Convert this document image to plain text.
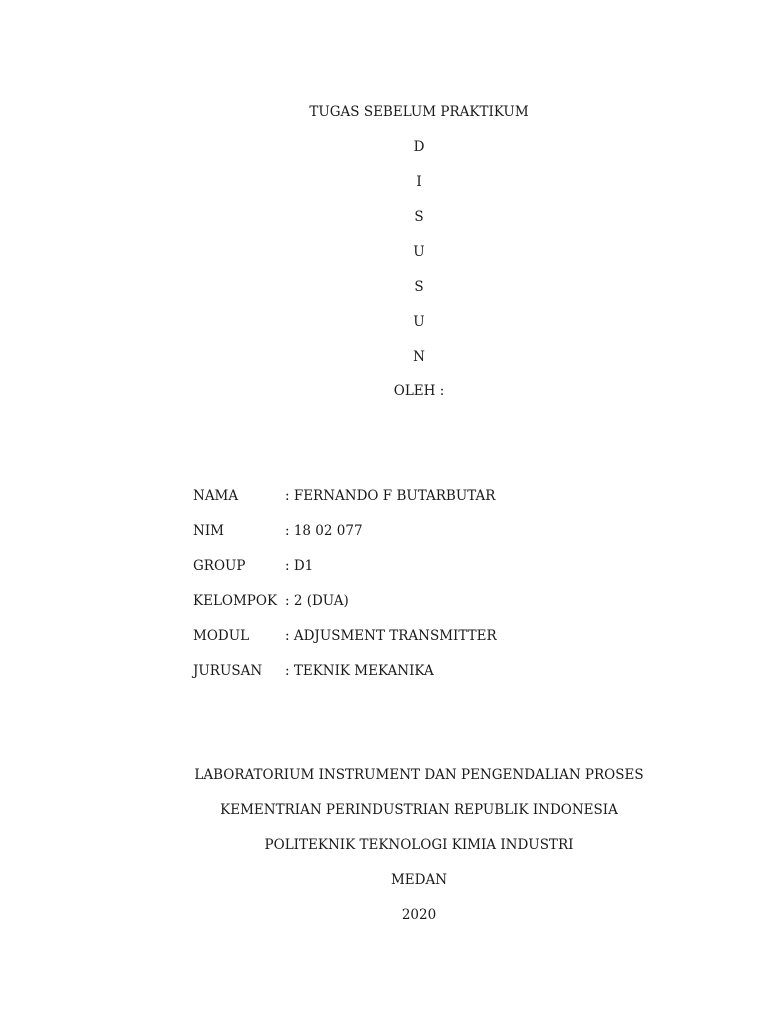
TUGAS SEBELUM PRAKTIKUM
D
I
S
U
S
U
N
OLEH :
NAMA	: FERNANDO F BUTARBUTAR
NIM	: 18 02 077
GROUP	: D1
KELOMPOK : 2 (DUA)
MODUL	: ADJUSMENT TRANSMITTER
JURUSAN : TEKNIK MEKANIKA
LABORATORIUM INSTRUMENT DAN PENGENDALIAN PROSES
KEMENTRIAN PERINDUSTRIAN REPUBLIK INDONESIA
POLITEKNIK TEKNOLOGI KIMIA INDUSTRI
MEDAN
2020
